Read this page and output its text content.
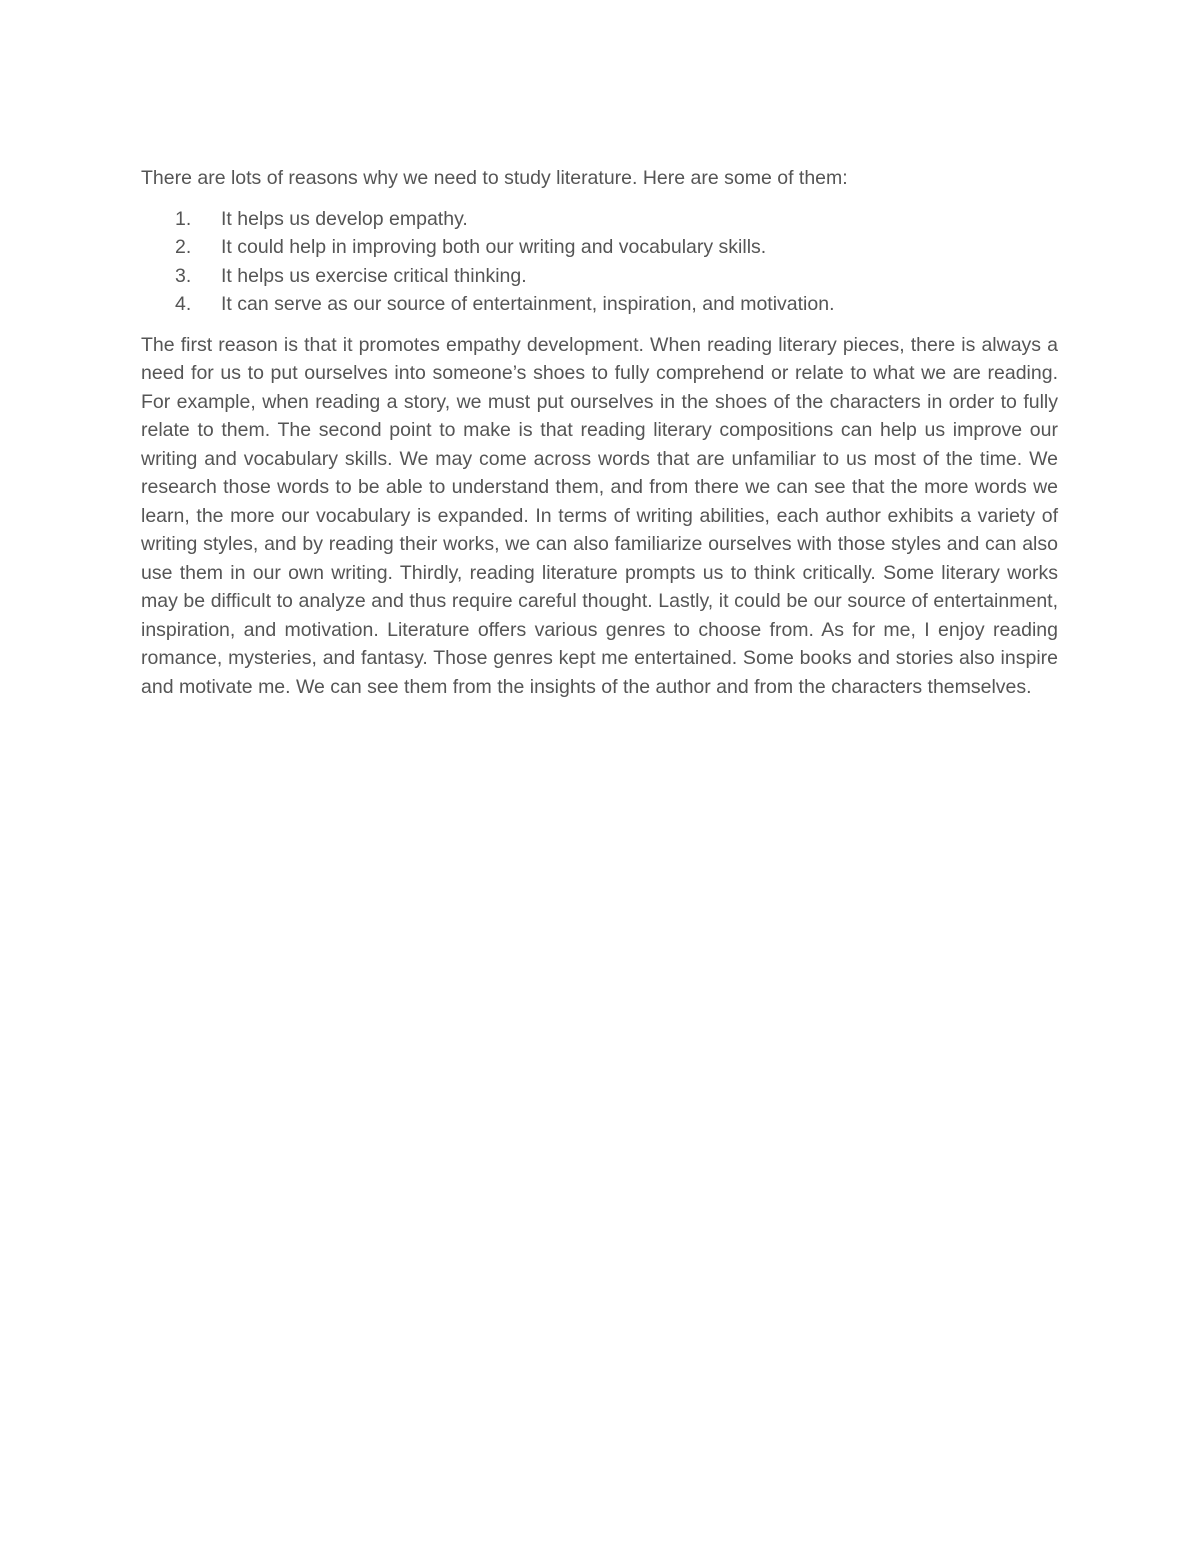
There are lots of reasons why we need to study literature. Here are some of them:

1.	It helps us develop empathy.
2.	It could help in improving both our writing and vocabulary skills.
3.	It helps us exercise critical thinking.
4.	It can serve as our source of entertainment, inspiration, and motivation.

The first reason is that it promotes empathy development. When reading literary pieces, there is always a need for us to put ourselves into someone’s shoes to fully comprehend or relate to what we are reading. For example, when reading a story, we must put ourselves in the shoes of the characters in order to fully relate to them. The second point to make is that reading literary compositions can help us improve our writing and vocabulary skills. We may come across words that are unfamiliar to us most of the time. We research those words to be able to understand them, and from there we can see that the more words we learn, the more our vocabulary is expanded. In terms of writing abilities, each author exhibits a variety of writing styles, and by reading their works, we can also familiarize ourselves with those styles and can also use them in our own writing. Thirdly, reading literature prompts us to think critically. Some literary works may be difficult to analyze and thus require careful thought. Lastly, it could be our source of entertainment, inspiration, and motivation. Literature offers various genres to choose from. As for me, I enjoy reading romance, mysteries, and fantasy. Those genres kept me entertained. Some books and stories also inspire and motivate me. We can see them from the insights of the author and from the characters themselves.
